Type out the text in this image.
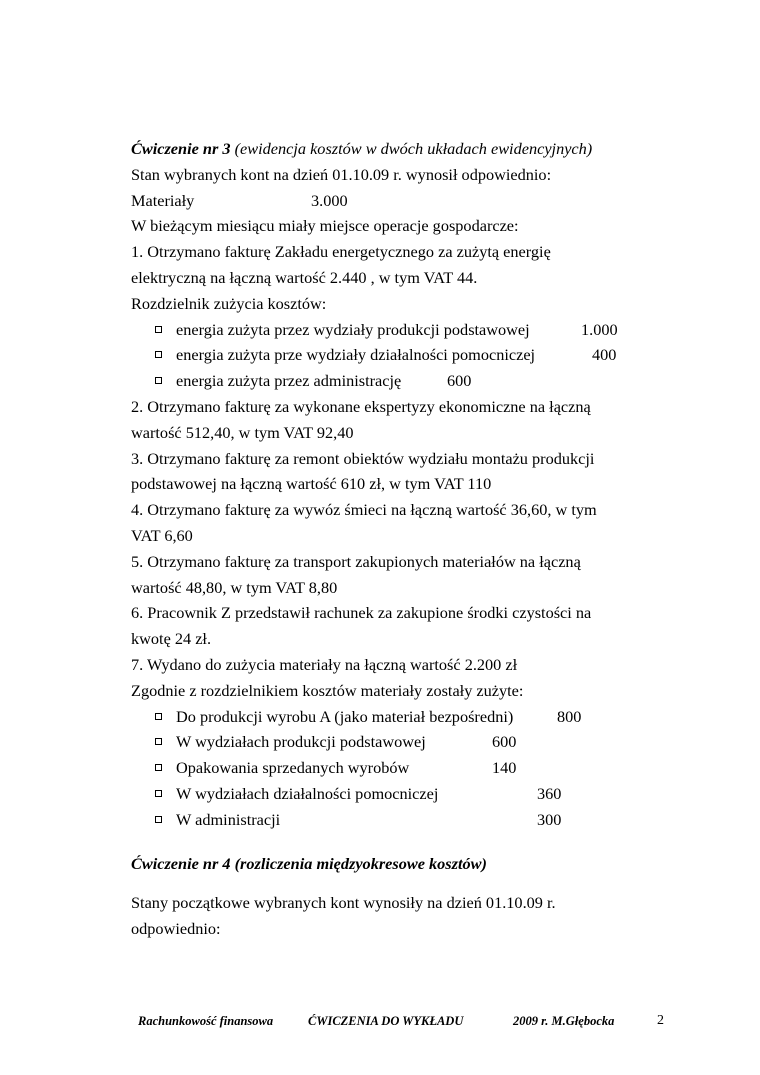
Ćwiczenie nr 3 (ewidencja kosztów w dwóch układach ewidencyjnych)
Stan wybranych kont na dzień 01.10.09 r. wynosił odpowiednio:
Materiały	3.000
W bieżącym miesiącu miały miejsce operacje gospodarcze:
1. Otrzymano fakturę Zakładu energetycznego za zużytą energię
elektryczną na łączną wartość 2.440 , w tym VAT 44.
Rozdzielnik zużycia kosztów:
energia zużyta przez wydziały produkcji podstawowej	1.000
energia zużyta prze wydziały działalności pomocniczej	400
energia zużyta przez administrację	600
2. Otrzymano fakturę za wykonane ekspertyzy ekonomiczne na łączną
wartość 512,40, w tym VAT 92,40
3. Otrzymano fakturę za remont obiektów wydziału montażu produkcji
podstawowej na łączną wartość 610 zł, w tym VAT 110
4. Otrzymano fakturę za wywóz śmieci na łączną wartość 36,60, w tym
VAT 6,60
5. Otrzymano fakturę za transport zakupionych materiałów na łączną
wartość 48,80, w tym VAT 8,80
6. Pracownik Z przedstawił rachunek za zakupione środki czystości na
kwotę 24 zł.
7. Wydano do zużycia materiały na łączną wartość 2.200 zł
Zgodnie z rozdzielnikiem kosztów materiały zostały zużyte:
Do produkcji wyrobu A (jako materiał bezpośredni)	800
W wydziałach produkcji podstawowej	600
Opakowania sprzedanych wyrobów	140
W wydziałach działalności pomocniczej	360
W administracji	300
Ćwiczenie nr 4 (rozliczenia międzyokresowe kosztów)
Stany początkowe wybranych kont wynosiły na dzień 01.10.09 r.
odpowiednio:
Rachunkowość finansowa	ĆWICZENIA DO WYKŁADU	2009 r. M.Głębocka	2
